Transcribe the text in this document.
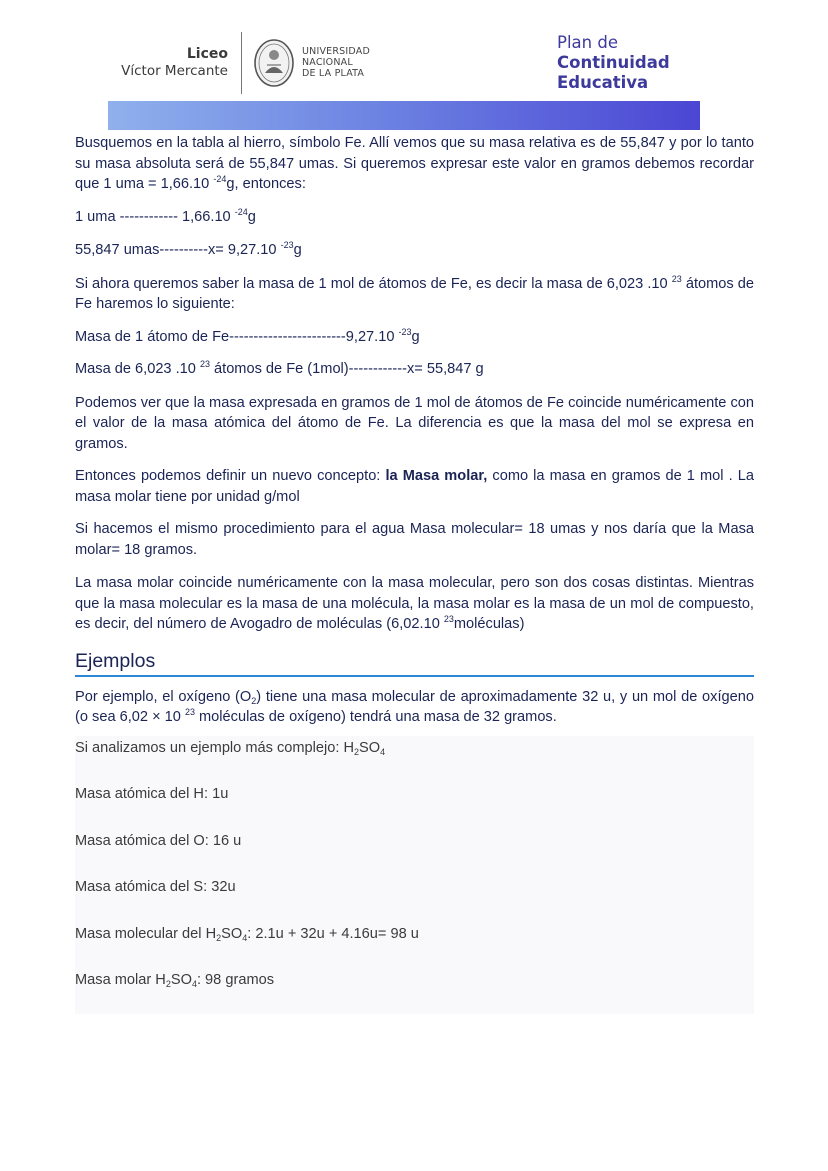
Liceo
Víctor Mercante
UNIVERSIDAD
NACIONAL
DE LA PLATA
Plan de
Continuidad
Educativa

Busquemos en la tabla al hierro, símbolo Fe. Allí vemos que su masa relativa es de 55,847 y por lo tanto su masa absoluta será de 55,847 umas. Si queremos expresar este valor en gramos debemos recordar que 1 uma = 1,66.10 $^{-24}$g, entonces:

1 uma ------------ 1,66.10 $^{-24}$g

55,847 umas----------x= 9,27.10 $^{-23}$g

Si ahora queremos saber la masa de 1 mol de átomos de Fe, es decir la masa de 6,023 .10 $^{23}$ átomos de Fe haremos lo siguiente:

Masa de 1 átomo de Fe------------------------9,27.10 $^{-23}$g

Masa de 6,023 .10 $^{23}$ átomos de Fe (1mol)------------x= 55,847 g

Podemos ver que la masa expresada en gramos de 1 mol de átomos de Fe coincide numéricamente con el valor de la masa atómica del átomo de Fe. La diferencia es que la masa del mol se expresa en gramos.

Entonces podemos definir un nuevo concepto: la Masa molar, como la masa en gramos de 1 mol . La masa molar tiene por unidad g/mol

Si hacemos el mismo procedimiento para el agua Masa molecular= 18 umas y nos daría que la Masa molar= 18 gramos.

La masa molar coincide numéricamente con la masa molecular, pero son dos cosas distintas. Mientras que la masa molecular es la masa de una molécula, la masa molar es la masa de un mol de compuesto, es decir, del número de Avogadro de moléculas (6,02.10 $^{23}$moléculas)

Ejemplos

Por ejemplo, el oxígeno $(O_2)$ tiene una masa molecular de aproximadamente 32 u, y un mol de oxígeno (o sea 6,02 × 10 $^{23}$ moléculas de oxígeno) tendrá una masa de 32 gramos.

Si analizamos un ejemplo más complejo: $H_2SO_4$

Masa atómica del H: 1u

Masa atómica del O: 16 u

Masa atómica del S: 32u

Masa molecular del $H_2SO_4$: 2.1u + 32u + 4.16u= 98 u

Masa molar $H_2SO_4$: 98 gramos
